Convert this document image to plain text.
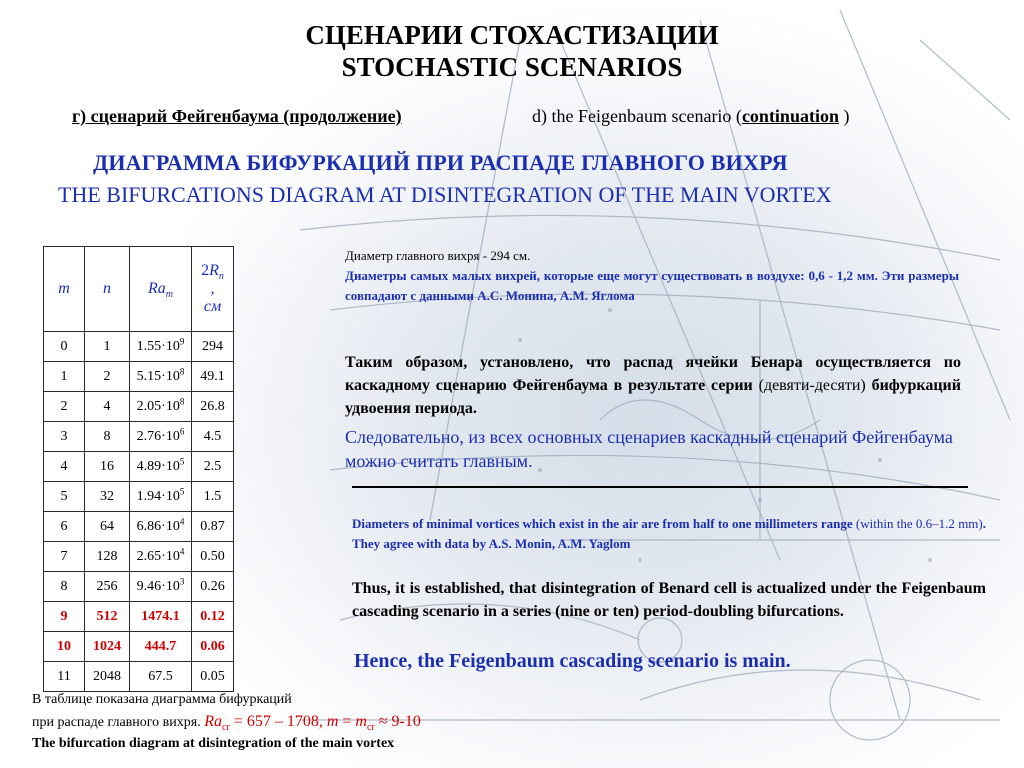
СЦЕНАРИИ СТОХАСТИЗАЦИИ
STOCHASTIC SCENARIOS
г) сценарий Фейгенбаума (продолжение)	d) the Feigenbaum scenario (continuation )
ДИАГРАММА БИФУРКАЦИЙ ПРИ РАСПАДЕ ГЛАВНОГО ВИХРЯ
THE BIFURCATIONS DIAGRAM AT DISINTEGRATION OF THE MAIN VORTEX
m	n	$Ra_m$	$2R_n$
,
см
0	1	$1.55\cdot 10^9$	294
1	2	$5.15\cdot 10^8$	49.1
2	4	$2.05\cdot 10^8$	26.8
3	8	$2.76\cdot 10^6$	4.5
4	16	$4.89\cdot 10^5$	2.5
5	32	$1.94\cdot 10^5$	1.5
6	64	$6.86\cdot 10^4$	0.87
7	128	$2.65\cdot 10^4$	0.50
8	256	$9.46\cdot 10^3$	0.26
9	512	1474.1	0.12
10	1024	444.7	0.06
11	2048	67.5	0.05
Диаметр главного вихря - 294 см.
Диаметры самых малых вихрей, которые еще могут существовать в воздухе: 0,6 - 1,2 мм. Эти размеры совпадают с данными А.С. Монина, А.М. Яглома
Таким образом, установлено, что распад ячейки Бенара осуществляется по каскадному сценарию Фейгенбаума в результате серии (девяти-десяти) бифуркаций удвоения периода.
Следовательно, из всех основных сценариев каскадный сценарий Фейгенбаума можно считать главным.
Diameters of minimal vortices which exist in the air are from half to one millimeters range (within the 0.6–1.2 mm). They agree with data by A.S. Monin, A.M. Yaglom
Thus, it is established, that disintegration of Benard cell is actualized under the Feigenbaum cascading scenario in a series (nine or ten) period-doubling bifurcations.
Hence, the Feigenbaum cascading scenario is main.
В таблице показана диаграмма бифуркаций
при распаде главного вихря. $Ra_{cr} = 657 - 1708$, $m = m_{cr} \approx 9-10$
The bifurcation diagram at disintegration of the main vortex
